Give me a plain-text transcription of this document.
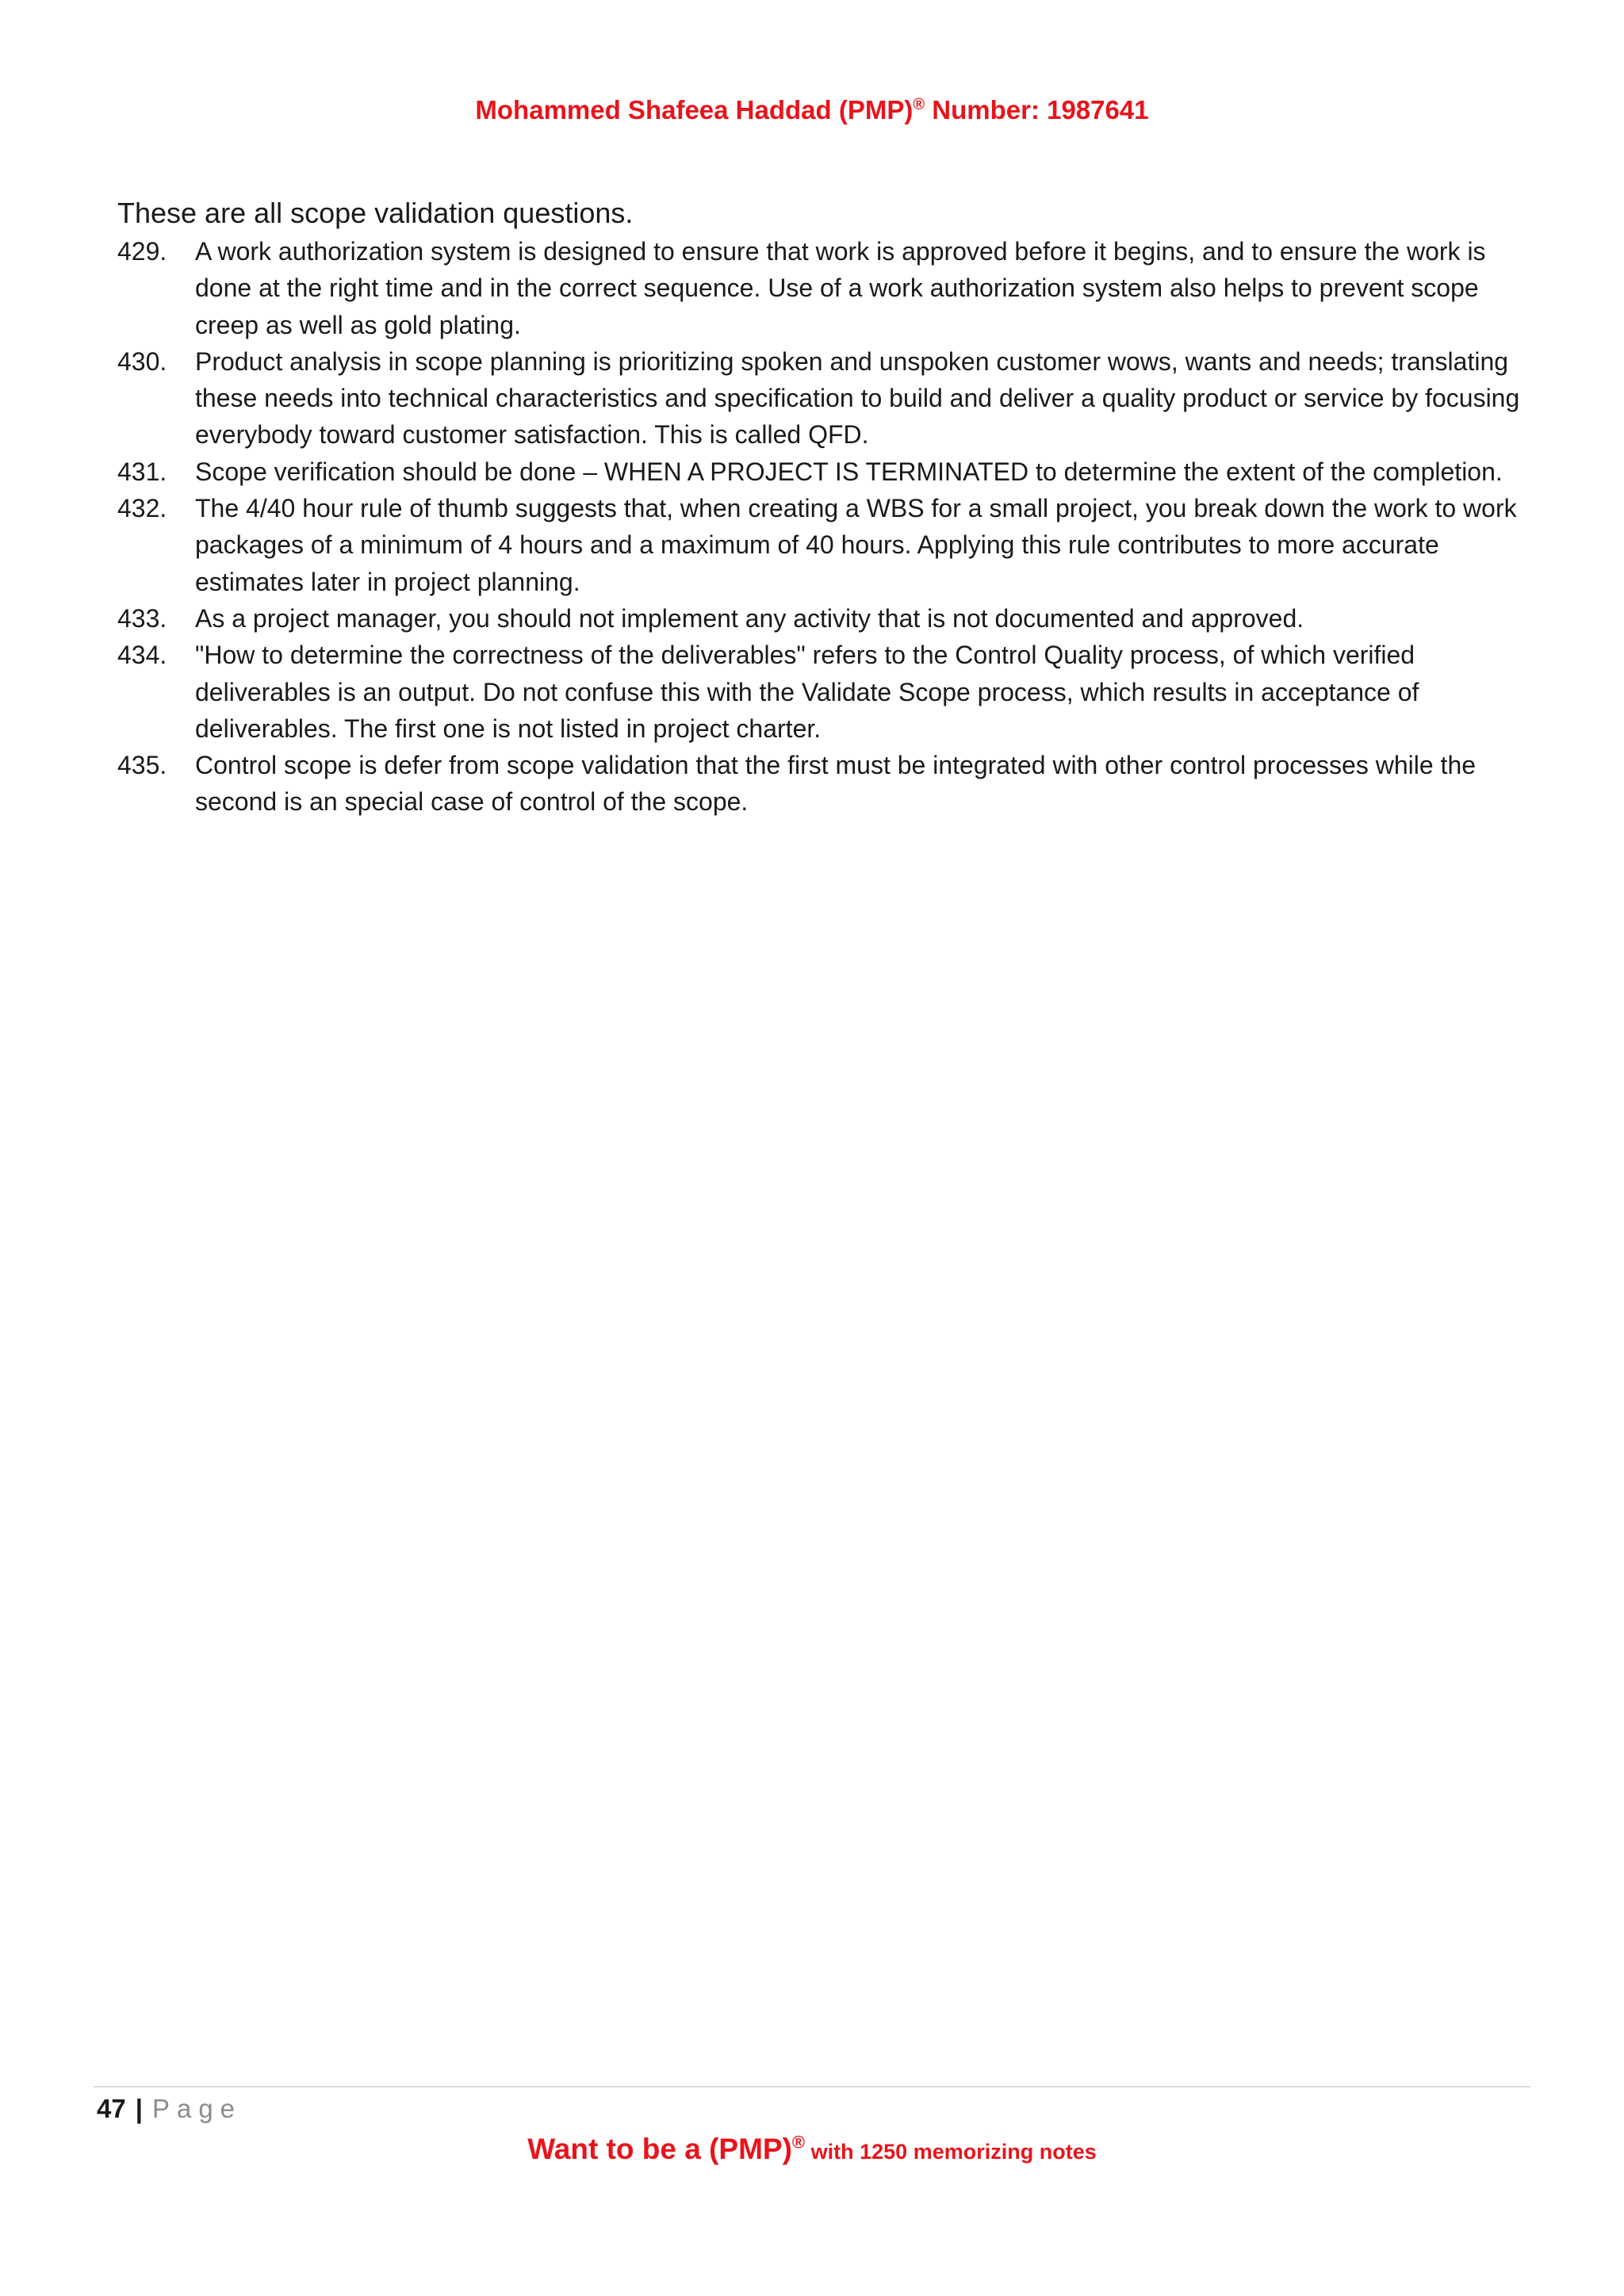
Mohammed Shafeea Haddad (PMP)® Number: 1987641
These are all scope validation questions.
429. A work authorization system is designed to ensure that work is approved before it begins, and to ensure the work is done at the right time and in the correct sequence. Use of a work authorization system also helps to prevent scope creep as well as gold plating.
430. Product analysis in scope planning is prioritizing spoken and unspoken customer wows, wants and needs; translating these needs into technical characteristics and specification to build and deliver a quality product or service by focusing everybody toward customer satisfaction. This is called QFD.
431. Scope verification should be done – WHEN A PROJECT IS TERMINATED to determine the extent of the completion.
432. The 4/40 hour rule of thumb suggests that, when creating a WBS for a small project, you break down the work to work packages of a minimum of 4 hours and a maximum of 40 hours. Applying this rule contributes to more accurate estimates later in project planning.
433. As a project manager, you should not implement any activity that is not documented and approved.
434. "How to determine the correctness of the deliverables" refers to the Control Quality process, of which verified deliverables is an output. Do not confuse this with the Validate Scope process, which results in acceptance of deliverables. The first one is not listed in project charter.
435. Control scope is defer from scope validation that the first must be integrated with other control processes while the second is an special case of control of the scope.
47 | Page
Want to be a (PMP)® with 1250 memorizing notes
